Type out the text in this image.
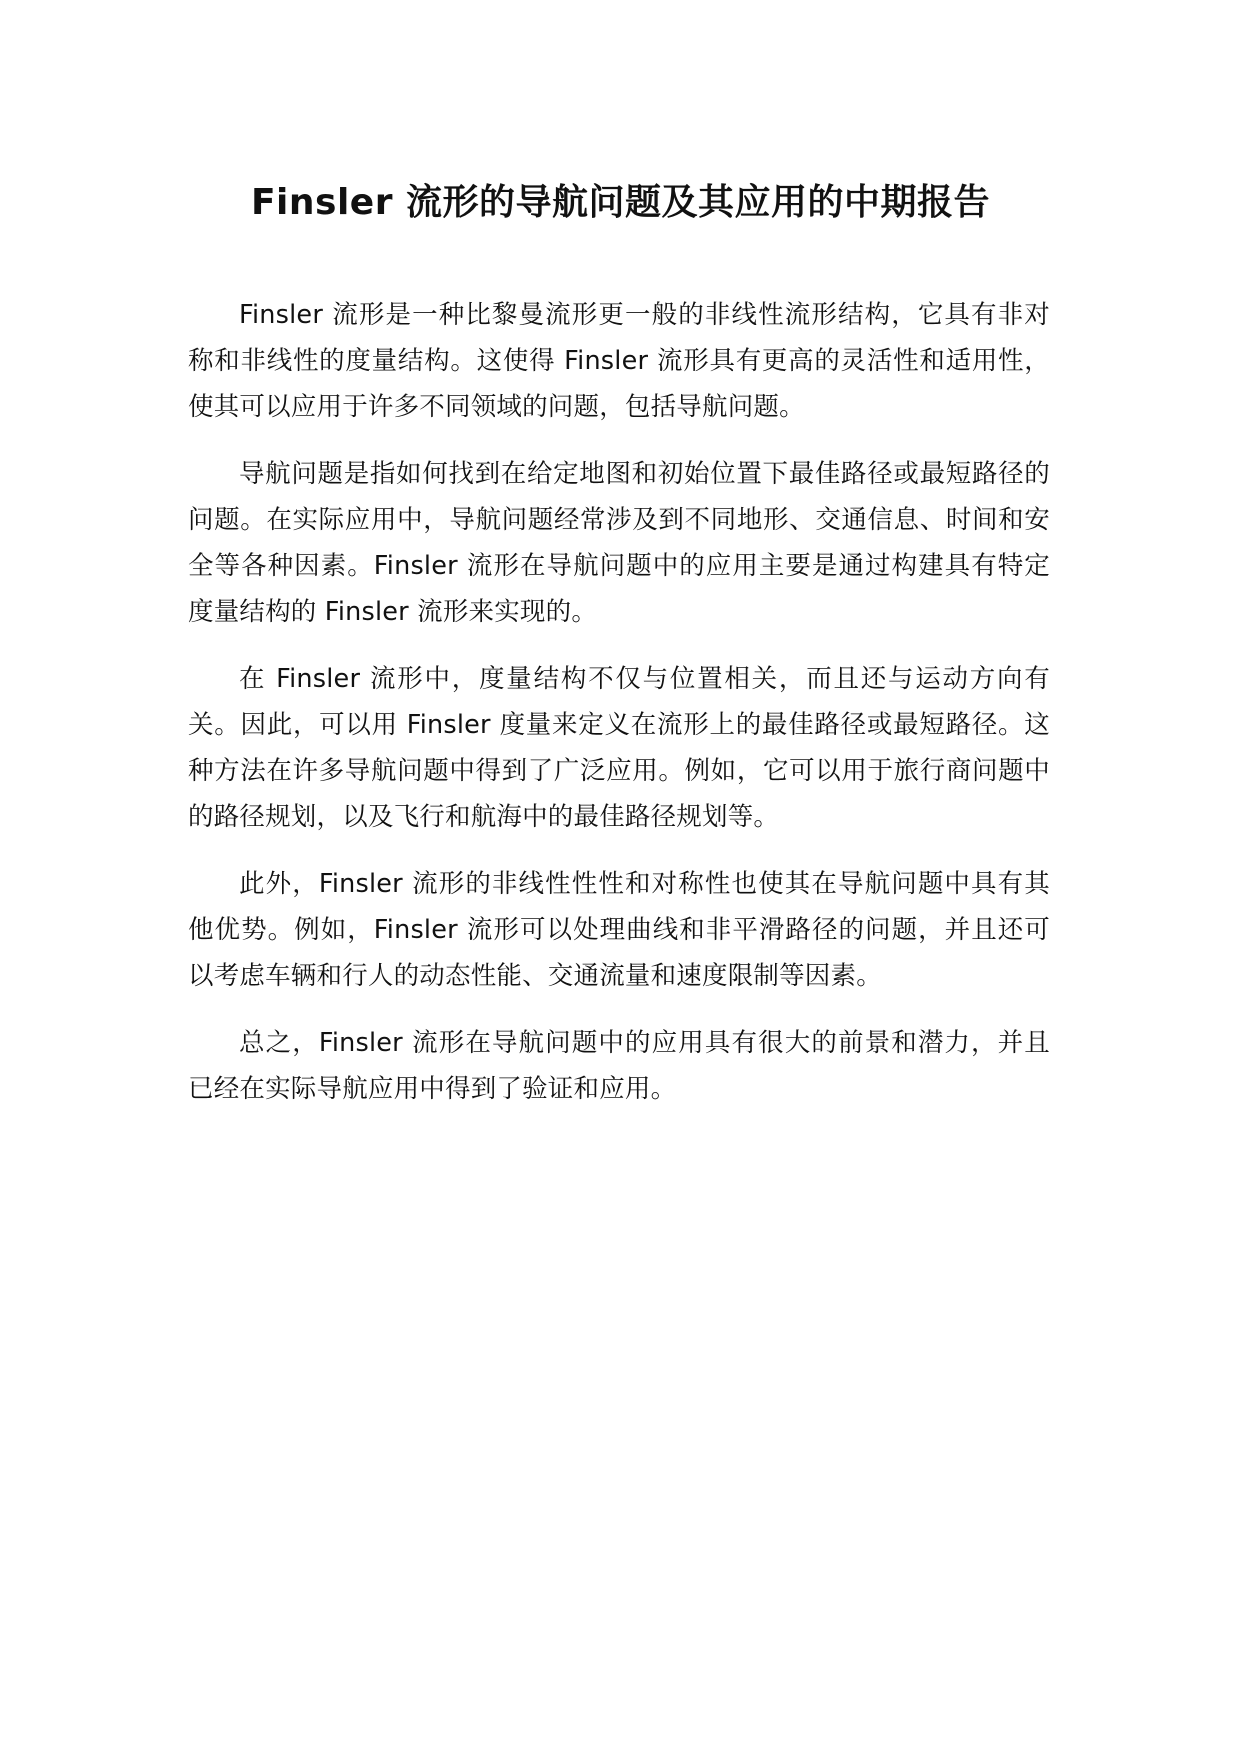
Finsler 流形的导航问题及其应用的中期报告

Finsler 流形是一种比黎曼流形更一般的非线性流形结构，它具有非对称和非线性的度量结构。这使得 Finsler 流形具有更高的灵活性和适用性，使其可以应用于许多不同领域的问题，包括导航问题。

导航问题是指如何找到在给定地图和初始位置下最佳路径或最短路径的问题。在实际应用中，导航问题经常涉及到不同地形、交通信息、时间和安全等各种因素。Finsler 流形在导航问题中的应用主要是通过构建具有特定度量结构的 Finsler 流形来实现的。

在 Finsler 流形中，度量结构不仅与位置相关，而且还与运动方向有关。因此，可以用 Finsler 度量来定义在流形上的最佳路径或最短路径。这种方法在许多导航问题中得到了广泛应用。例如，它可以用于旅行商问题中的路径规划，以及飞行和航海中的最佳路径规划等。

此外，Finsler 流形的非线性性性和对称性也使其在导航问题中具有其他优势。例如，Finsler 流形可以处理曲线和非平滑路径的问题，并且还可以考虑车辆和行人的动态性能、交通流量和速度限制等因素。

总之，Finsler 流形在导航问题中的应用具有很大的前景和潜力，并且已经在实际导航应用中得到了验证和应用。
